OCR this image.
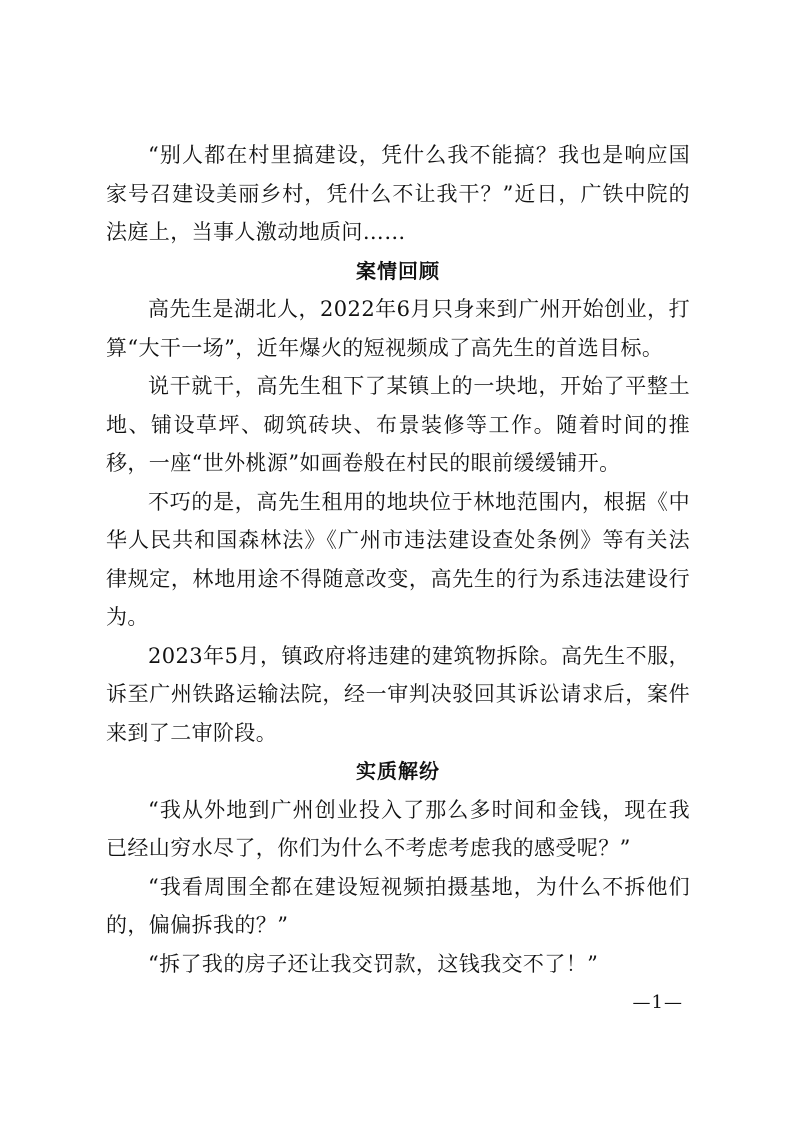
“别人都在村里搞建设，凭什么我不能搞？我也是响应国家号召建设美丽乡村，凭什么不让我干？”近日，广铁中院的法庭上，当事人激动地质问……

案情回顾

高先生是湖北人，2022年6月只身来到广州开始创业，打算“大干一场”，近年爆火的短视频成了高先生的首选目标。

说干就干，高先生租下了某镇上的一块地，开始了平整土地、铺设草坪、砌筑砖块、布景装修等工作。随着时间的推移，一座“世外桃源”如画卷般在村民的眼前缓缓铺开。

不巧的是，高先生租用的地块位于林地范围内，根据《中华人民共和国森林法》《广州市违法建设查处条例》等有关法律规定，林地用途不得随意改变，高先生的行为系违法建设行为。

2023年5月，镇政府将违建的建筑物拆除。高先生不服，诉至广州铁路运输法院，经一审判决驳回其诉讼请求后，案件来到了二审阶段。

实质解纷

“我从外地到广州创业投入了那么多时间和金钱，现在我已经山穷水尽了，你们为什么不考虑考虑我的感受呢？”

“我看周围全都在建设短视频拍摄基地，为什么不拆他们的，偏偏拆我的？”

“拆了我的房子还让我交罚款，这钱我交不了！”

—1—
